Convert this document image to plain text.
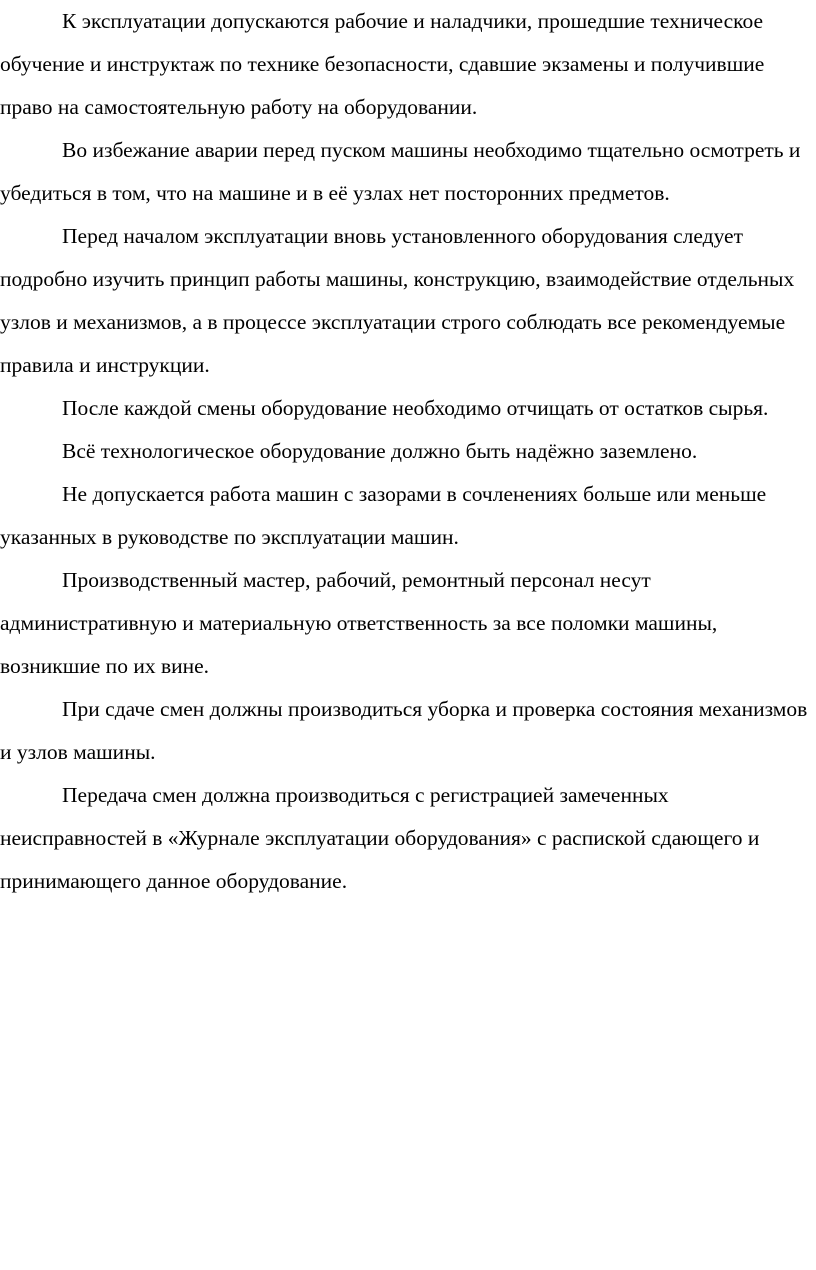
К эксплуатации допускаются рабочие и наладчики, прошедшие техническое обучение и инструктаж по технике безопасности, сдавшие экзамены и получившие право на самостоятельную работу на оборудовании.

Во избежание аварии перед пуском машины необходимо тщательно осмотреть и убедиться в том, что на машине и в её узлах нет посторонних предметов.

Перед началом эксплуатации вновь установленного оборудования следует подробно изучить принцип работы машины, конструкцию, взаимодействие отдельных узлов и механизмов, а в процессе эксплуатации строго соблюдать все рекомендуемые правила и инструкции.

После каждой смены оборудование необходимо отчищать от остатков сырья.

Всё технологическое оборудование должно быть надёжно заземлено.

Не допускается работа машин с зазорами в сочленениях больше или меньше указанных в руководстве по эксплуатации машин.

Производственный мастер, рабочий, ремонтный персонал несут административную и материальную ответственность за все поломки машины, возникшие по их вине.

При сдаче смен должны производиться уборка и проверка состояния механизмов и узлов машины.

Передача смен должна производиться с регистрацией замеченных неисправностей в «Журнале эксплуатации оборудования» с распиской сдающего и принимающего данное оборудование.
